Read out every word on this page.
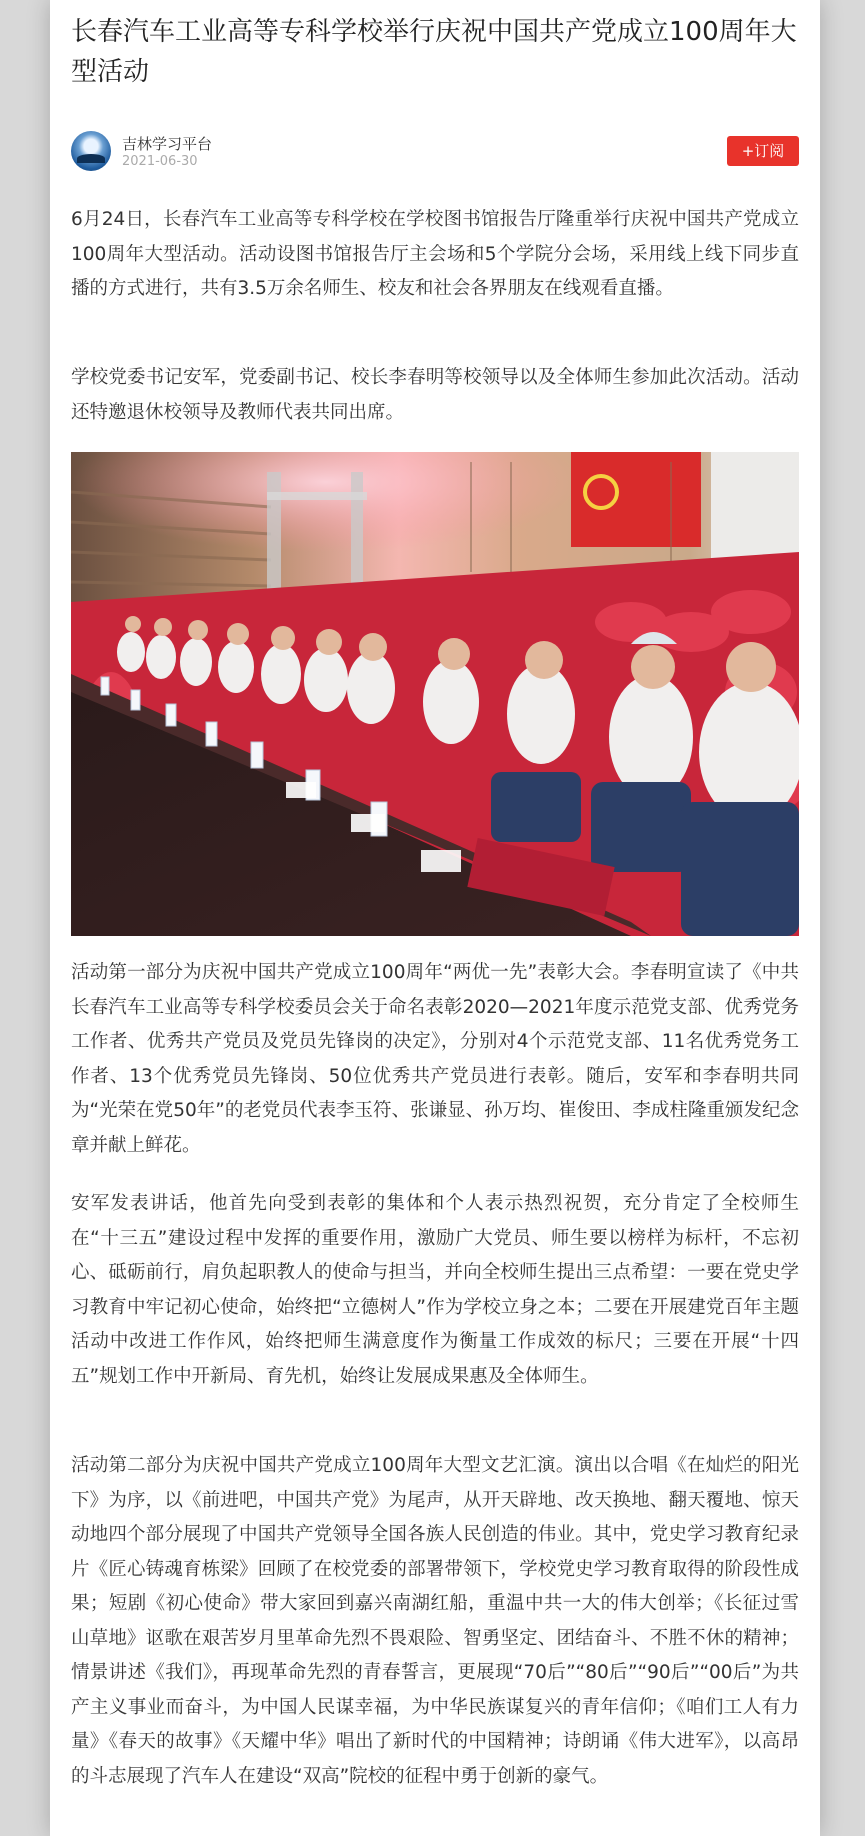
长春汽车工业高等专科学校举行庆祝中国共产党成立100周年大型活动
吉林学习平台
2021-06-30
+订阅

6月24日，长春汽车工业高等专科学校在学校图书馆报告厅隆重举行庆祝中国共产党成立100周年大型活动。活动设图书馆报告厅主会场和5个学院分会场，采用线上线下同步直播的方式进行，共有3.5万余名师生、校友和社会各界朋友在线观看直播。

学校党委书记安军，党委副书记、校长李春明等校领导以及全体师生参加此次活动。活动还特邀退休校领导及教师代表共同出席。

活动第一部分为庆祝中国共产党成立100周年“两优一先”表彰大会。李春明宣读了《中共长春汽车工业高等专科学校委员会关于命名表彰2020—2021年度示范党支部、优秀党务工作者、优秀共产党员及党员先锋岗的决定》，分别对4个示范党支部、11名优秀党务工作者、13个优秀党员先锋岗、50位优秀共产党员进行表彰。随后，安军和李春明共同为“光荣在党50年”的老党员代表李玉符、张谦显、孙万均、崔俊田、李成柱隆重颁发纪念章并献上鲜花。

安军发表讲话，他首先向受到表彰的集体和个人表示热烈祝贺，充分肯定了全校师生在“十三五”建设过程中发挥的重要作用，激励广大党员、师生要以榜样为标杆，不忘初心、砥砺前行，肩负起职教人的使命与担当，并向全校师生提出三点希望：一要在党史学习教育中牢记初心使命，始终把“立德树人”作为学校立身之本；二要在开展建党百年主题活动中改进工作作风，始终把师生满意度作为衡量工作成效的标尺；三要在开展“十四五”规划工作中开新局、育先机，始终让发展成果惠及全体师生。

活动第二部分为庆祝中国共产党成立100周年大型文艺汇演。演出以合唱《在灿烂的阳光下》为序，以《前进吧，中国共产党》为尾声，从开天辟地、改天换地、翻天覆地、惊天动地四个部分展现了中国共产党领导全国各族人民创造的伟业。其中，党史学习教育纪录片《匠心铸魂育栋梁》回顾了在校党委的部署带领下，学校党史学习教育取得的阶段性成果；短剧《初心使命》带大家回到嘉兴南湖红船，重温中共一大的伟大创举；《长征过雪山草地》讴歌在艰苦岁月里革命先烈不畏艰险、智勇坚定、团结奋斗、不胜不休的精神；情景讲述《我们》，再现革命先烈的青春誓言，更展现“70后”“80后”“90后”“00后”为共产主义事业而奋斗，为中国人民谋幸福，为中华民族谋复兴的青年信仰；《咱们工人有力量》《春天的故事》《天耀中华》唱出了新时代的中国精神；诗朗诵《伟大进军》，以高昂的斗志展现了汽车人在建设“双高”院校的征程中勇于创新的豪气。
